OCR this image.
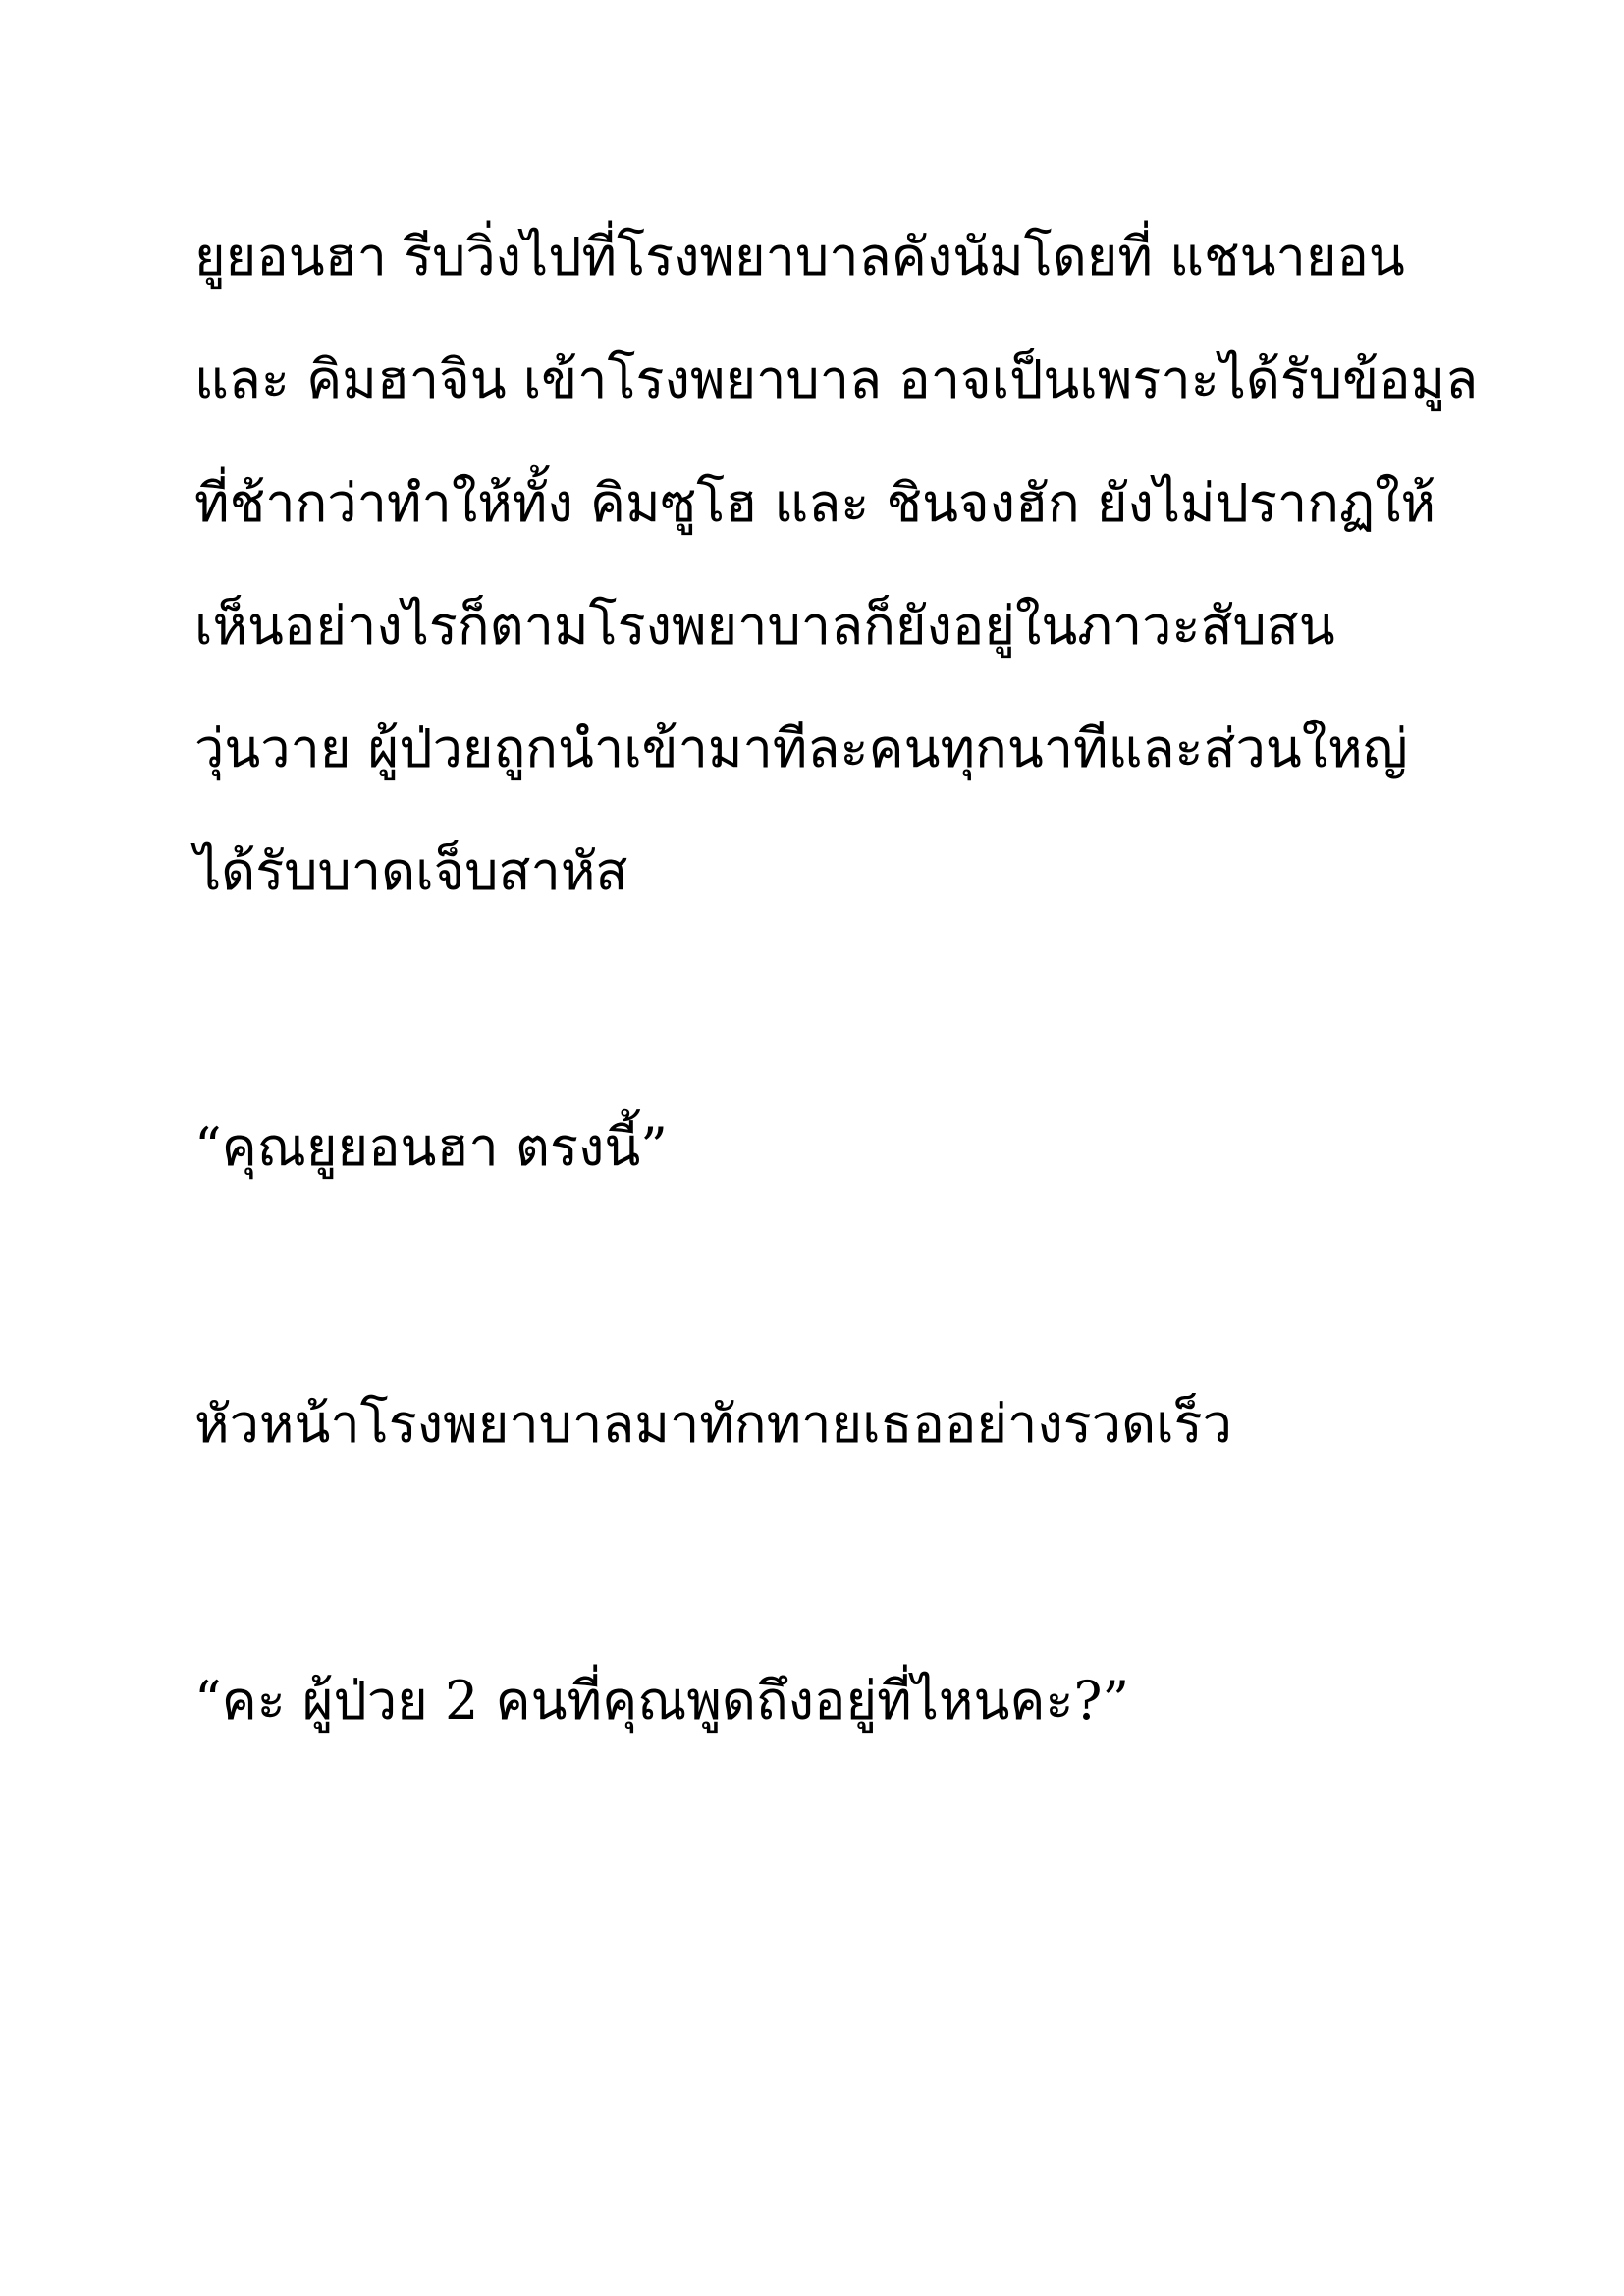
ยูยอนฮา รีบวิ่งไปที่โรงพยาบาลคังนัมโดยที่ แชนายอน

และ คิมฮาจิน เข้าโรงพยาบาล อาจเป็นเพราะได้รับข้อมูล

ที่ช้ากว่าทำให้ทั้ง คิมซูโฮ และ ชินจงฮัก ยังไม่ปรากฏให้

เห็นอย่างไรก็ตามโรงพยาบาลก็ยังอยู่ในภาวะสับสน

วุ่นวาย ผู้ป่วยถูกนำเข้ามาทีละคนทุกนาทีและส่วนใหญ่

ได้รับบาดเจ็บสาหัส

“คุณยูยอนฮา ตรงนี้”

หัวหน้าโรงพยาบาลมาทักทายเธออย่างรวดเร็ว

“คะ ผู้ป่วย 2 คนที่คุณพูดถึงอยู่ที่ไหนคะ?”
